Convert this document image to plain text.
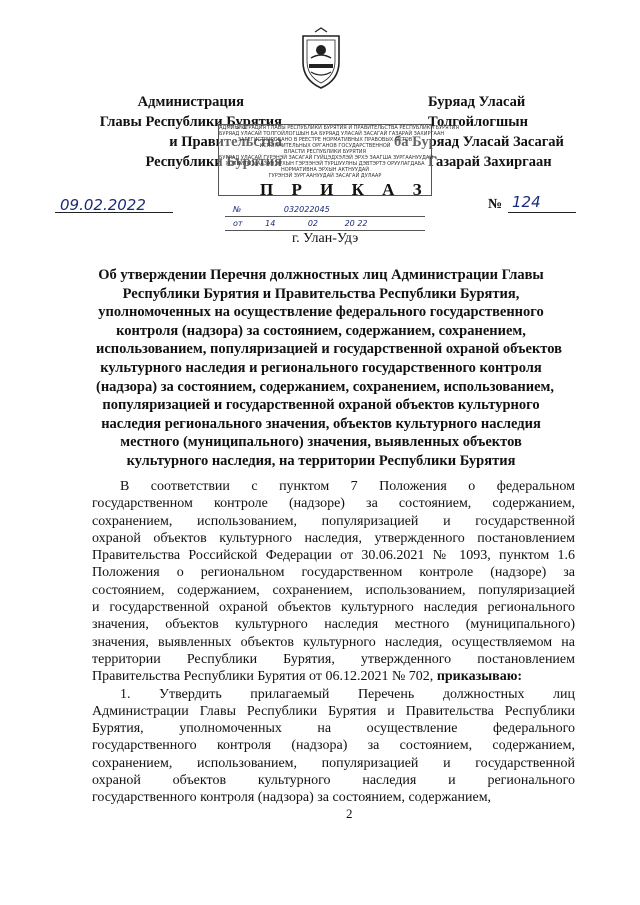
Администрация
Главы Республики Бурятия
и Правительства
Республики Бурятия
Буряад Уласай
Толгойлогшын
ба Буряад Уласай Засагай
Газарай Захиргаан
АДМИНИСТРАЦИЯ ГЛАВЫ РЕСПУБЛИКИ БУРЯТИЯ И ПРАВИТЕЛЬСТВА РЕСПУБЛИКИ БУРЯТИЯ
БУРЯАД УЛАСАЙ ТОЛГОЙЛОГШЫН БА БУРЯАД УЛАСАЙ ЗАСАГАЙ ГАЗАРАЙ ЗАХИРГААН
ЗАРЕГИСТРИРОВАНО В РЕЕСТРЕ НОРМАТИВНЫХ ПРАВОВЫХ АКТОВ
ИСПОЛНИТЕЛЬНЫХ ОРГАНОВ ГОСУДАРСТВЕННОЙ
ВЛАСТИ РЕСПУБЛИКИ БУРЯТИЯ
БУРЯАД УЛАСАЙ ГУРЭНЭЙ ЗАСАГАЙ ГУЙЦЭДХЭЛЭЙ ЭРХЭ ЗААГША ЗУРГААНУУДАЙ
ХОЛИИТЫ ЦААЗАН ЭРХЫН ГЭРЭЭНЭЙ ТУРШУУЛНЫ ДЭВТЭРТЭ ОРУУЛАГДАБА
НОРМАТИВНА ЭРХЫН АКТНУУДАЙ
ГУРЭНЭЙ ЗУРГААНУУДАЙ ЗАСАГАЙ ДУЛААР
П Р И К А З
09.02.2022	№ 124
№	032022045
от	14	02	20 22
г. Улан-Удэ
Об утверждении Перечня должностных лиц Администрации Главы
Республики Бурятия и Правительства Республики Бурятия,
уполномоченных на осуществление федерального государственного
контроля (надзора) за состоянием, содержанием, сохранением,
использованием, популяризацией и государственной охраной объектов
культурного наследия и регионального государственного контроля
(надзора) за состоянием, содержанием, сохранением, использованием,
популяризацией и государственной охраной объектов культурного
наследия регионального значения, объектов культурного наследия
местного (муниципального) значения, выявленных объектов
культурного наследия, на территории Республики Бурятия
В соответствии с пунктом 7 Положения о федеральном
государственном контроле (надзоре) за состоянием, содержанием,
сохранением, использованием, популяризацией и государственной
охраной объектов культурного наследия, утвержденного постановлением
Правительства Российской Федерации от 30.06.2021 № 1093, пунктом 1.6
Положения о региональном государственном контроле (надзоре) за
состоянием, содержанием, сохранением, использованием, популяризацией
и государственной охраной объектов культурного наследия регионального
значения, объектов культурного наследия местного (муниципального)
значения, выявленных объектов культурного наследия, осуществляемом на
территории Республики Бурятия, утвержденного постановлением
Правительства Республики Бурятия от 06.12.2021 № 702, приказываю:
1. Утвердить прилагаемый Перечень должностных лиц
Администрации Главы Республики Бурятия и Правительства Республики
Бурятия, уполномоченных на осуществление федерального
государственного контроля (надзора) за состоянием, содержанием,
сохранением, использованием, популяризацией и государственной
охраной объектов культурного наследия и регионального
государственного контроля (надзора) за состоянием, содержанием,
2
